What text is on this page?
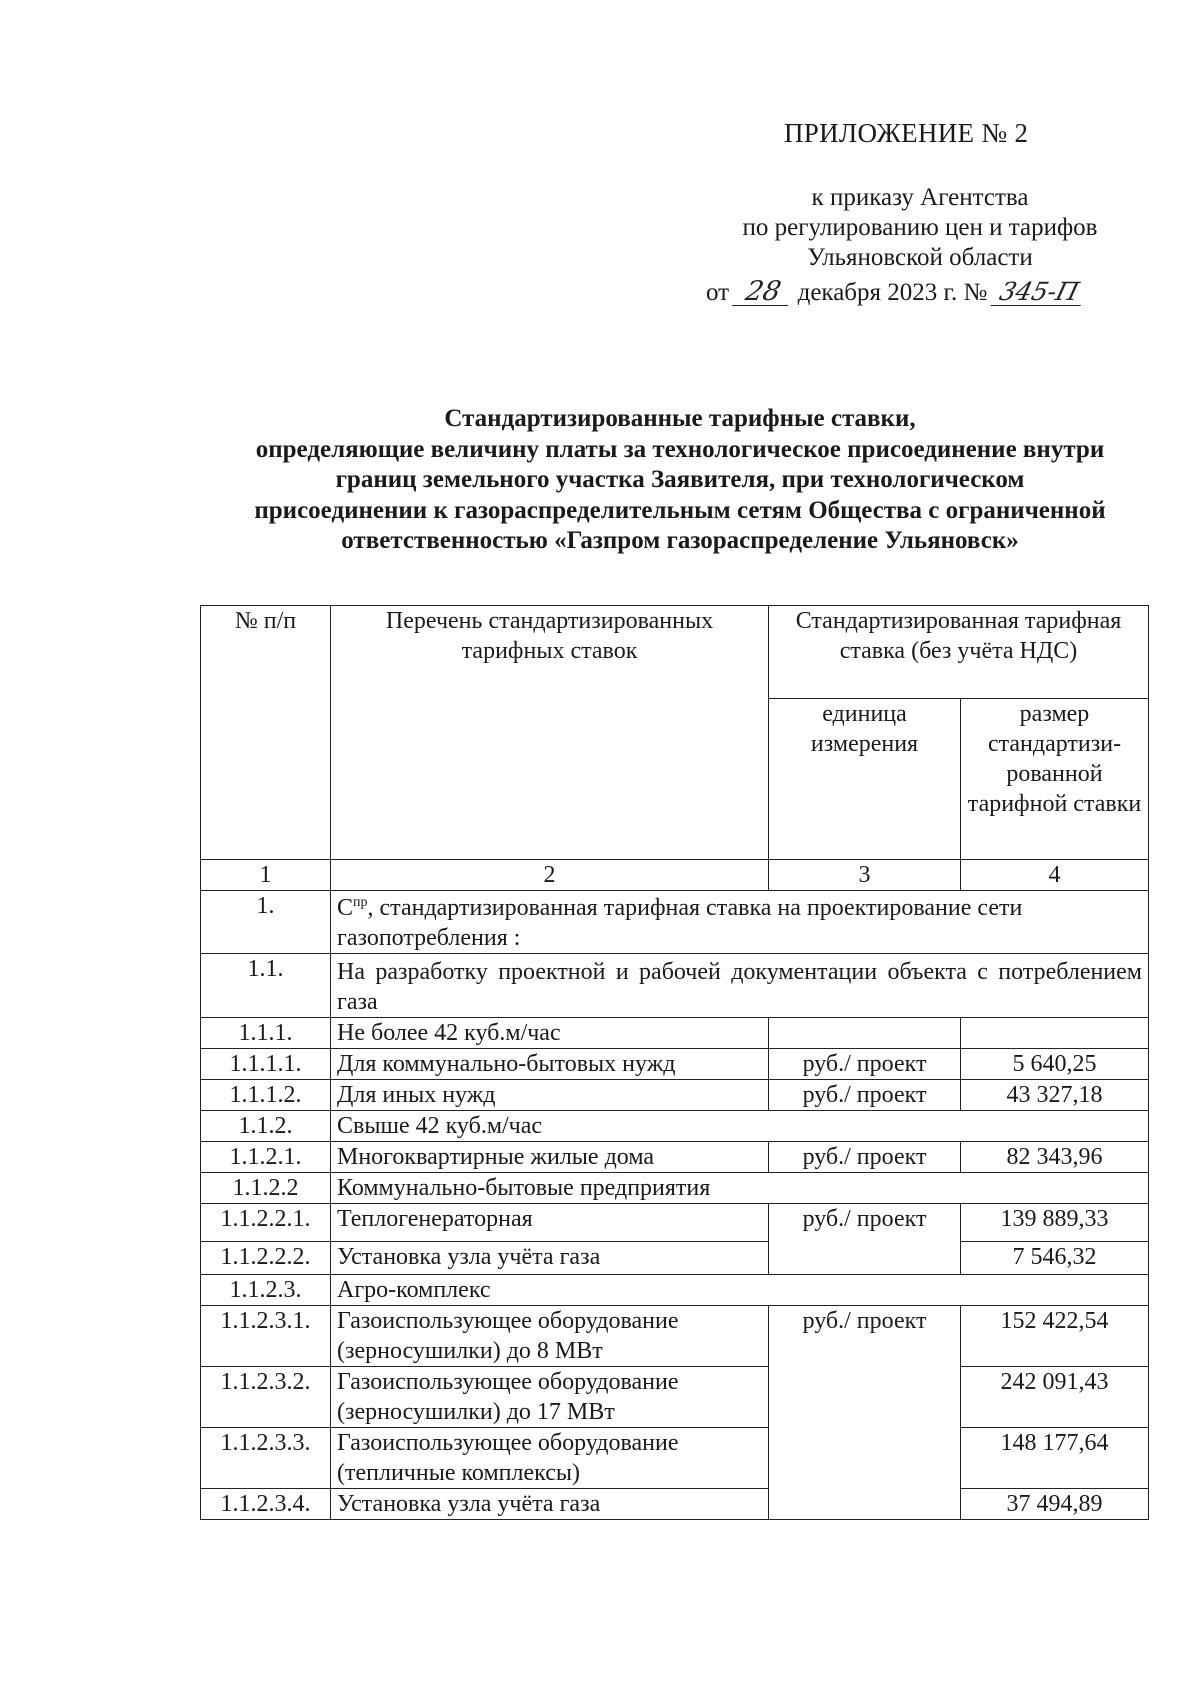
ПРИЛОЖЕНИЕ № 2
к приказу Агентства
по регулированию цен и тарифов
Ульяновской области
от 28 декабря 2023 г. № 345-П
Стандартизированные тарифные ставки,
определяющие величину платы за технологическое присоединение внутри
границ земельного участка Заявителя, при технологическом
присоединении к газораспределительным сетям Общества с ограниченной
ответственностью «Газпром газораспределение Ульяновск»
№ п/п	Перечень стандартизированных тарифных ставок	Стандартизированная тарифная ставка (без учёта НДС)	
		единица измерения	размер стандартизи- рованной тарифной ставки
1	2	3	4
1.	$С^{пр}$, стандартизированная тарифная ставка на проектирование сети газопотребления :		
1.1.	На разработку проектной и рабочей документации объекта с потреблением газа		
1.1.1.	Не более 42 куб.м/час		
1.1.1.1.	Для коммунально-бытовых нужд	руб./ проект	5 640,25
1.1.1.2.	Для иных нужд	руб./ проект	43 327,18
1.1.2.	Свыше 42 куб.м/час		
1.1.2.1.	Многоквартирные жилые дома	руб./ проект	82 343,96
1.1.2.2	Коммунально-бытовые предприятия		
1.1.2.2.1.	Теплогенераторная	руб./ проект	139 889,33
1.1.2.2.2.	Установка узла учёта газа		7 546,32
1.1.2.3.	Агро-комплекс		
1.1.2.3.1.	Газоиспользующее оборудование (зерносушилки) до 8 МВт	руб./ проект	152 422,54
1.1.2.3.2.	Газоиспользующее оборудование (зерносушилки) до 17 МВт		242 091,43
1.1.2.3.3.	Газоиспользующее оборудование (тепличные комплексы)		148 177,64
1.1.2.3.4.	Установка узла учёта газа		37 494,89
